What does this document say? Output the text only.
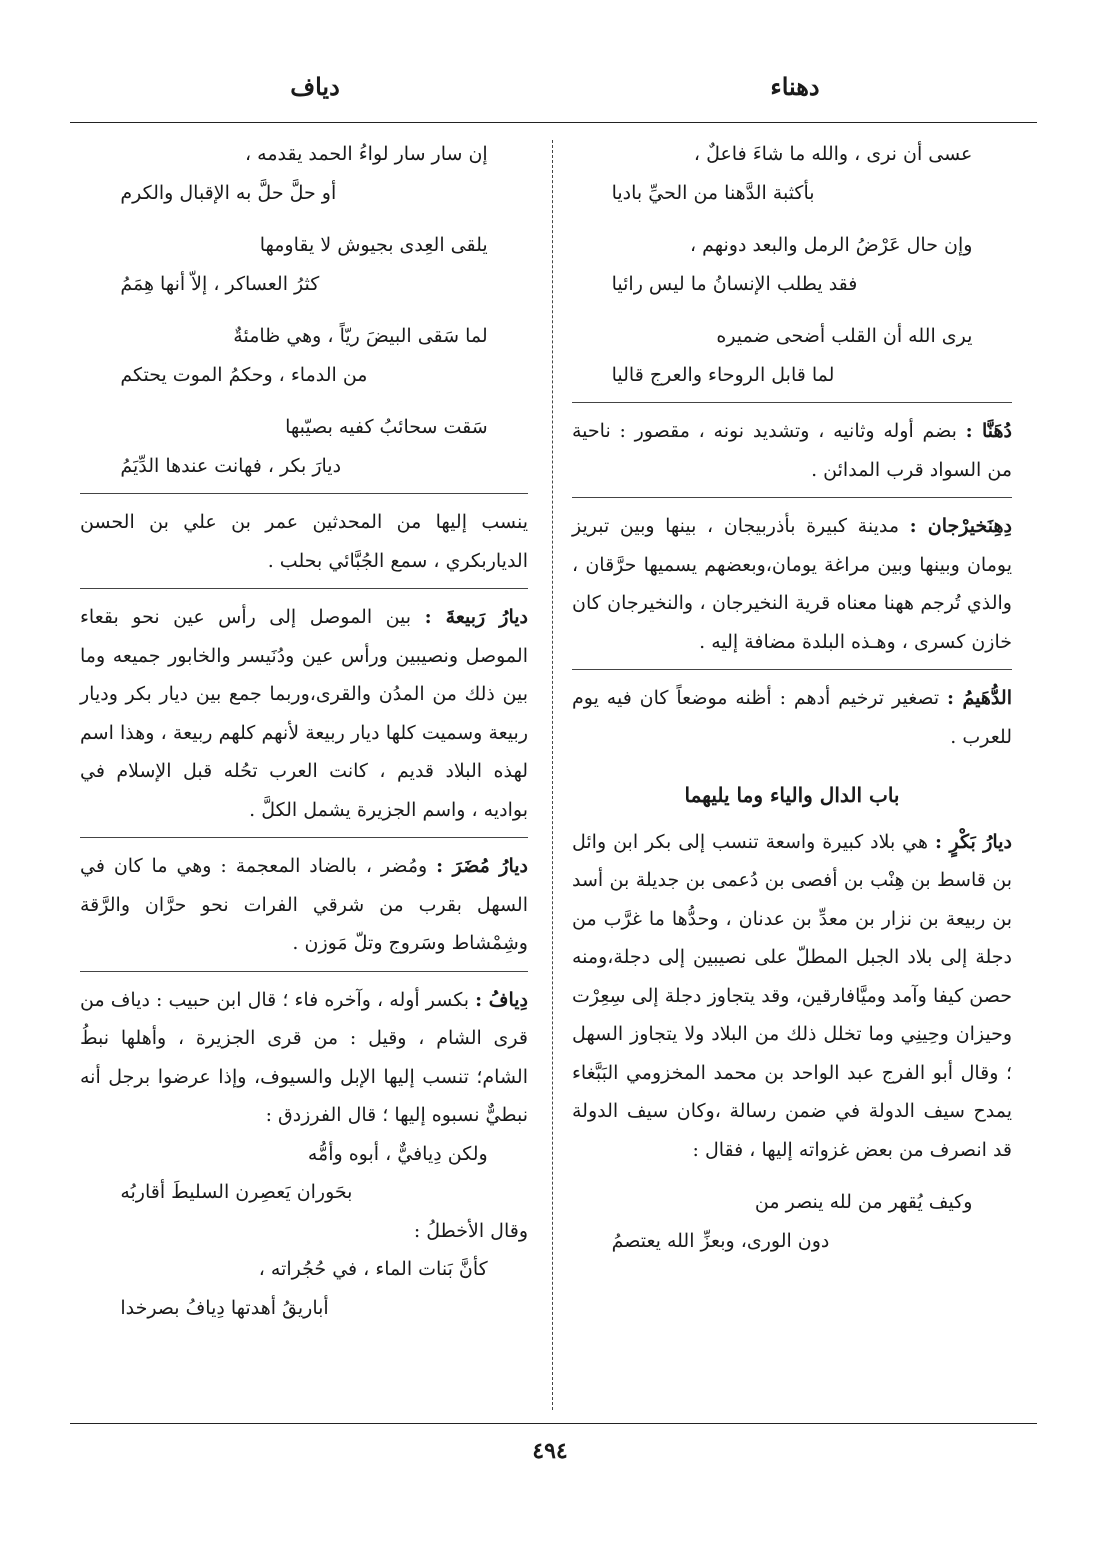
دهناء
دياف
عسى أن نرى ، والله ما شاءَ فاعلٌ ،
بأكثبة الدَّهنا من الحيِّ باديا
وإن حال عَرْضُ الرمل والبعد دونهم ،
فقد يطلب الإنسانُ ما ليس رائيا
يرى الله أن القلب أضحى ضميره
لما قابل الروحاء والعرج قاليا

دُهَنَّا : بضم أوله وثانيه ، وتشديد نونه ، مقصور : ناحية من السواد قرب المدائن .

دِهِنَخيرْجان : مدينة كبيرة بأذربيجان ، بينها وبين تبريز يومان وبينها وبين مراغة يومان،وبعضهم يسميها حرَّقان ، والذي تُرجم ههنا معناه قرية النخيرجان ، والنخيرجان كان خازن كسرى ، وهـذه البلدة مضافة إليه .

الدُّهَيمُ : تصغير ترخيم أدهم : أظنه موضعاً كان فيه يوم للعرب .

باب الدال والياء وما يليهما

ديارُ بَكْرٍ : هي بلاد كبيرة واسعة تنسب إلى بكر ابن وائل بن قاسط بن هِنْب بن أفصى بن دُعمى بن جديلة بن أسد بن ربيعة بن نزار بن معدِّ بن عدنان ، وحدُّها ما غرَّب من دجلة إلى بلاد الجبل المطلّ على نصيبين إلى دجلة،ومنه حصن كيفا وآمد وميَّافارقين، وقد يتجاوز دجلة إلى سِعِرْت وحيزان وحِينِي وما تخلل ذلك من البلاد ولا يتجاوز السهل ؛ وقال أبو الفرج عبد الواحد بن محمد المخزومي البَبَّغاء يمدح سيف الدولة في ضمن رسالة ،وكان سيف الدولة قد انصرف من بعض غزواته إليها ، فقال :

وكيف يُقهر من لله ينصر من
دون الورى، وبعزِّ الله يعتصمُ
إن سار سار لواءُ الحمد يقدمه ،
أو حلَّ حلَّ به الإقبال والكرم
يلقى العِدى بجيوش لا يقاومها
كثرُ العساكر ، إلاّ أنها هِمَمُ
لما سَقى البيضَ ريّاً ، وهي ظامئةٌ
من الدماء ، وحكمُ الموت يحتكم
سَقت سحائبُ كفيه بصيّبها
ديارَ بكر ، فهانت عندها الدِّيَمُ

ينسب إليها من المحدثين عمر بن علي بن الحسن الدياربكري ، سمع الجُبَّائي بحلب .

ديارُ رَبيعةَ : بين الموصل إلى رأس عين نحو بقعاء الموصل ونصيبين ورأس عين ودُنَيسر والخابور جميعه وما بين ذلك من المدُن والقرى،وربما جمع بين ديار بكر وديار ربيعة وسميت كلها ديار ربيعة لأنهم كلهم ربيعة ، وهذا اسم لهذه البلاد قديم ، كانت العرب تحُله قبل الإسلام في بواديه ، واسم الجزيرة يشمل الكلَّ .

ديارُ مُضَرَ : ومُضر ، بالضاد المعجمة : وهي ما كان في السهل بقرب من شرقي الفرات نحو حرَّان والرَّقة وشِمْشاط وسَروج وتلّ مَوزن .

دِيافُ : بكسر أوله ، وآخره فاء ؛ قال ابن حبيب : دياف من قرى الشام ، وقيل : من قرى الجزيرة ، وأهلها نبطُ الشام؛ تنسب إليها الإبل والسيوف، وإذا عرضوا برجل أنه نبطيٌّ نسبوه إليها ؛ قال الفرزدق :

ولكن دِيافيٌّ ، أبوه وأمُّه
بحَوران يَعصِرن السليطَ أقاربُه

وقال الأخطلُ :

كأنَّ بَنات الماء ، في حُجُراته ،
أباريقُ أهدتها دِيافُ بصرخدا
٤٩٤
